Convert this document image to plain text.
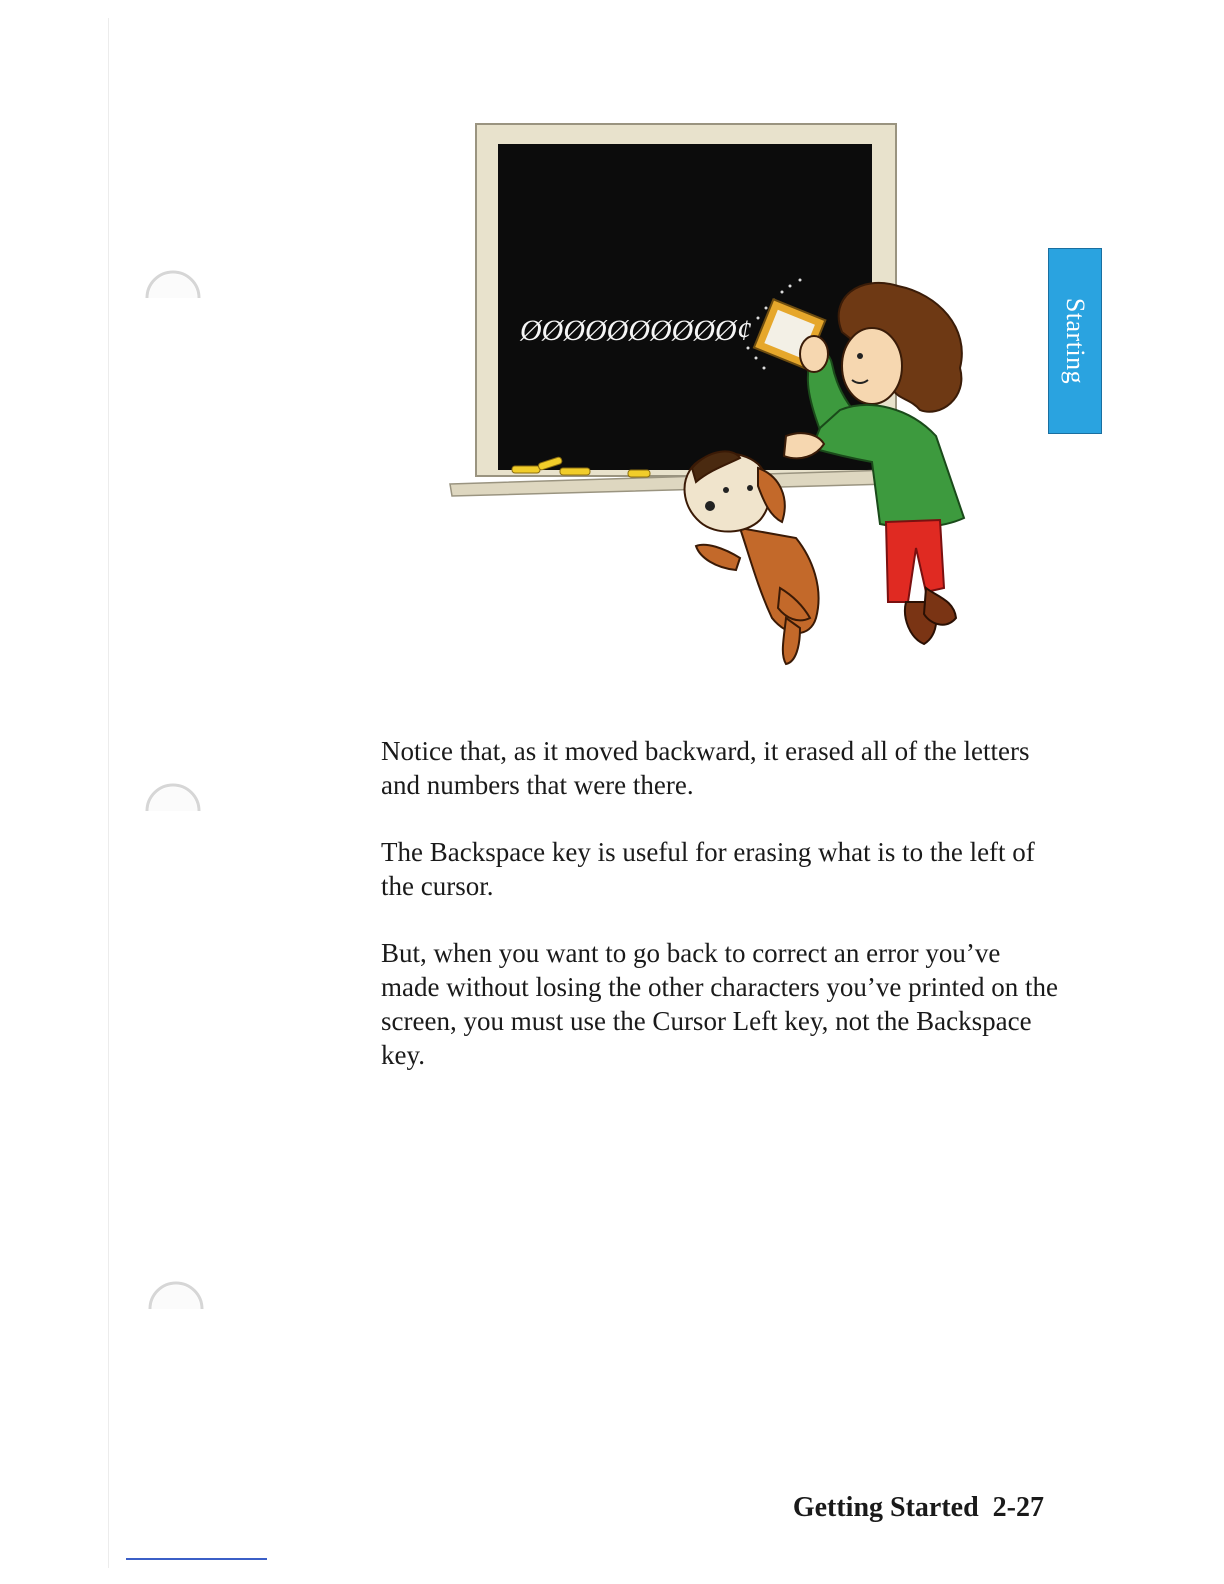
Starting
ØØØØØØØØØØ¢

Notice that, as it moved backward, it erased all of the letters and numbers that were there.

The Backspace key is useful for erasing what is to the left of the cursor.

But, when you want to go back to correct an error you’ve made without losing the other characters you’ve printed on the screen, you must use the Cursor Left key, not the Backspace key.

Getting Started 2-27
